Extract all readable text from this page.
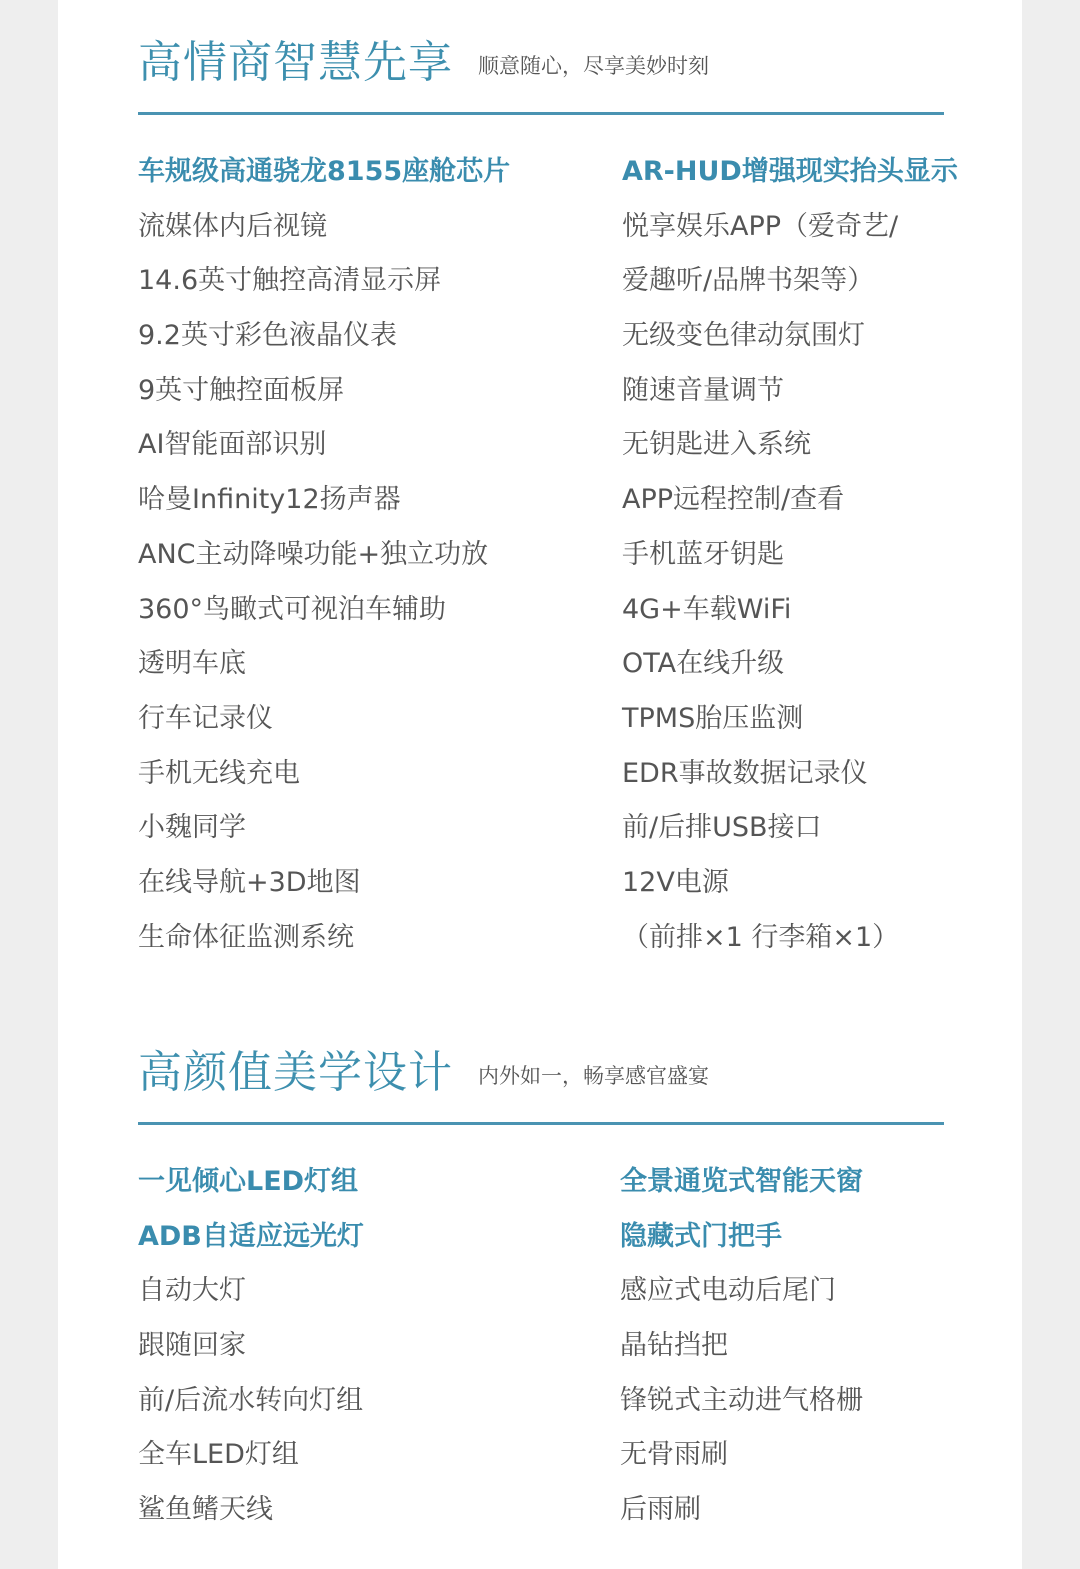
高情商智慧先享 顺意随心，尽享美妙时刻
车规级高通骁龙8155座舱芯片
流媒体内后视镜
14.6英寸触控高清显示屏
9.2英寸彩色液晶仪表
9英寸触控面板屏
AI智能面部识别
哈曼Infinity12扬声器
ANC主动降噪功能+独立功放
360°鸟瞰式可视泊车辅助
透明车底
行车记录仪
手机无线充电
小魏同学
在线导航+3D地图
生命体征监测系统
AR-HUD增强现实抬头显示
悦享娱乐APP（爱奇艺/
爱趣听/品牌书架等）
无级变色律动氛围灯
随速音量调节
无钥匙进入系统
APP远程控制/查看
手机蓝牙钥匙
4G+车载WiFi
OTA在线升级
TPMS胎压监测
EDR事故数据记录仪
前/后排USB接口
12V电源
（前排×1 行李箱×1）
高颜值美学设计 内外如一，畅享感官盛宴
一见倾心LED灯组
ADB自适应远光灯
自动大灯
跟随回家
前/后流水转向灯组
全车LED灯组
鲨鱼鳍天线
全景通览式智能天窗
隐藏式门把手
感应式电动后尾门
晶钻挡把
锋锐式主动进气格栅
无骨雨刷
后雨刷
